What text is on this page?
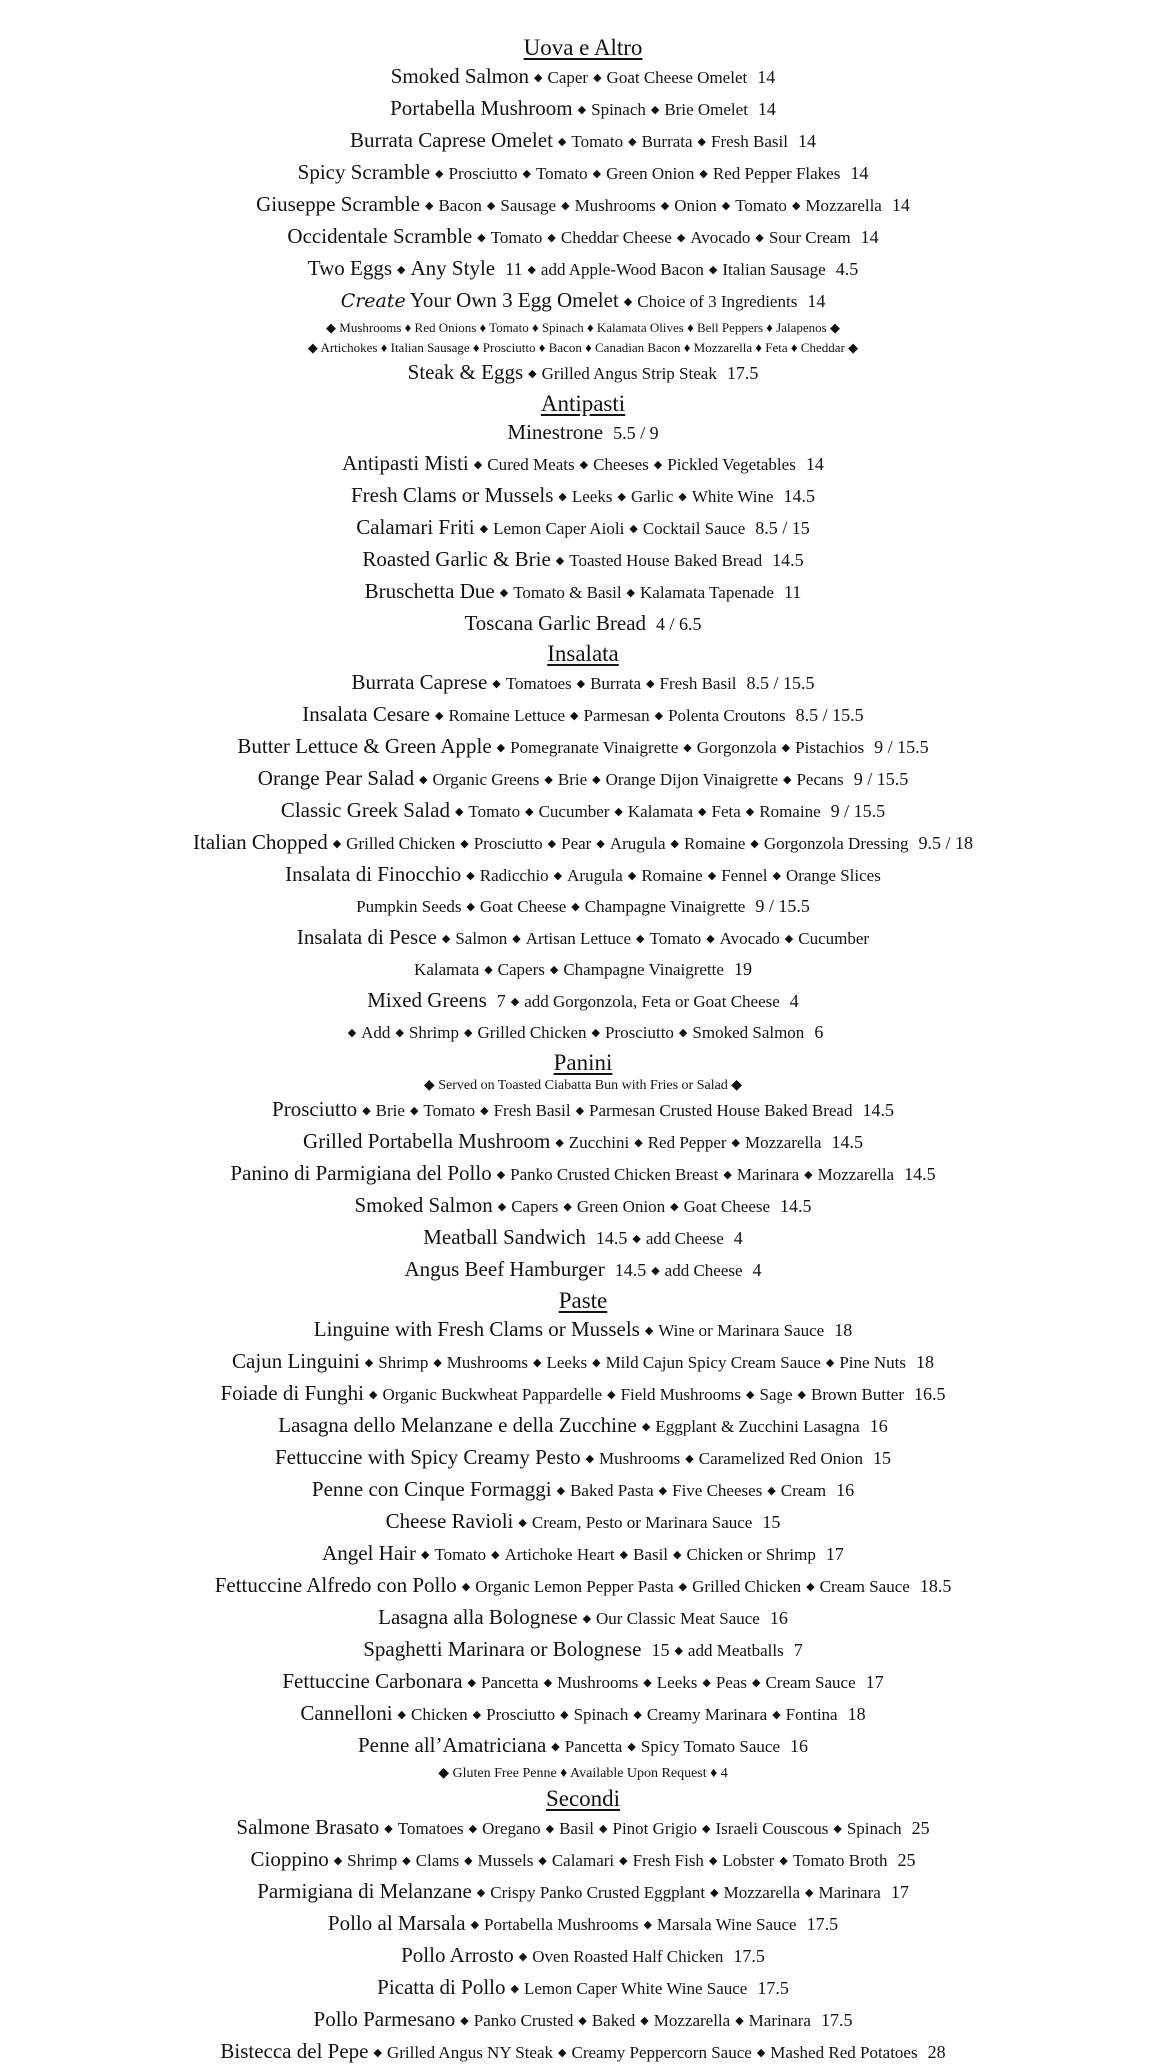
Uova e Altro
Smoked Salmon ◆ Caper ◆ Goat Cheese Omelet 14
Portabella Mushroom ◆ Spinach ◆ Brie Omelet 14
Burrata Caprese Omelet ◆ Tomato ◆ Burrata ◆ Fresh Basil 14
Spicy Scramble ◆ Prosciutto ◆ Tomato ◆ Green Onion ◆ Red Pepper Flakes 14
Giuseppe Scramble ◆ Bacon ◆ Sausage ◆ Mushrooms ◆ Onion ◆ Tomato ◆ Mozzarella 14
Occidentale Scramble ◆ Tomato ◆ Cheddar Cheese ◆ Avocado ◆ Sour Cream 14
Two Eggs ◆ Any Style 11 ◆ add Apple-Wood Bacon ◆ Italian Sausage 4.5
Create Your Own 3 Egg Omelet ◆ Choice of 3 Ingredients 14
◆ Mushrooms ♦ Red Onions ♦ Tomato ♦ Spinach ♦ Kalamata Olives ♦ Bell Peppers ♦ Jalapenos ◆
◆ Artichokes ♦ Italian Sausage ♦ Prosciutto ♦ Bacon ♦ Canadian Bacon ♦ Mozzarella ♦ Feta ♦ Cheddar ◆
Steak & Eggs ◆ Grilled Angus Strip Steak 17.5
Antipasti
Minestrone 5.5 / 9
Antipasti Misti ◆ Cured Meats ◆ Cheeses ◆ Pickled Vegetables 14
Fresh Clams or Mussels ◆ Leeks ◆ Garlic ◆ White Wine 14.5
Calamari Friti ◆ Lemon Caper Aioli ◆ Cocktail Sauce 8.5 / 15
Roasted Garlic & Brie ◆ Toasted House Baked Bread 14.5
Bruschetta Due ◆ Tomato & Basil ◆ Kalamata Tapenade 11
Toscana Garlic Bread 4 / 6.5
Insalata
Burrata Caprese ◆ Tomatoes ◆ Burrata ◆ Fresh Basil 8.5 / 15.5
Insalata Cesare ◆ Romaine Lettuce ◆ Parmesan ◆ Polenta Croutons 8.5 / 15.5
Butter Lettuce & Green Apple ◆ Pomegranate Vinaigrette ◆ Gorgonzola ◆ Pistachios 9 / 15.5
Orange Pear Salad ◆ Organic Greens ◆ Brie ◆ Orange Dijon Vinaigrette ◆ Pecans 9 / 15.5
Classic Greek Salad ◆ Tomato ◆ Cucumber ◆ Kalamata ◆ Feta ◆ Romaine 9 / 15.5
Italian Chopped ◆ Grilled Chicken ◆ Prosciutto ◆ Pear ◆ Arugula ◆ Romaine ◆ Gorgonzola Dressing 9.5 / 18
Insalata di Finocchio ◆ Radicchio ◆ Arugula ◆ Romaine ◆ Fennel ◆ Orange Slices
Pumpkin Seeds ◆ Goat Cheese ◆ Champagne Vinaigrette 9 / 15.5
Insalata di Pesce ◆ Salmon ◆ Artisan Lettuce ◆ Tomato ◆ Avocado ◆ Cucumber
Kalamata ◆ Capers ◆ Champagne Vinaigrette 19
Mixed Greens 7 ◆ add Gorgonzola, Feta or Goat Cheese 4
◆ Add ◆ Shrimp ◆ Grilled Chicken ◆ Prosciutto ◆ Smoked Salmon 6
Panini
◆ Served on Toasted Ciabatta Bun with Fries or Salad ◆
Prosciutto ◆ Brie ◆ Tomato ◆ Fresh Basil ◆ Parmesan Crusted House Baked Bread 14.5
Grilled Portabella Mushroom ◆ Zucchini ◆ Red Pepper ◆ Mozzarella 14.5
Panino di Parmigiana del Pollo ◆ Panko Crusted Chicken Breast ◆ Marinara ◆ Mozzarella 14.5
Smoked Salmon ◆ Capers ◆ Green Onion ◆ Goat Cheese 14.5
Meatball Sandwich 14.5 ◆ add Cheese 4
Angus Beef Hamburger 14.5 ◆ add Cheese 4
Paste
Linguine with Fresh Clams or Mussels ◆ Wine or Marinara Sauce 18
Cajun Linguini ◆ Shrimp ◆ Mushrooms ◆ Leeks ◆ Mild Cajun Spicy Cream Sauce ◆ Pine Nuts 18
Foiade di Funghi ◆ Organic Buckwheat Pappardelle ◆ Field Mushrooms ◆ Sage ◆ Brown Butter 16.5
Lasagna dello Melanzane e della Zucchine ◆ Eggplant & Zucchini Lasagna 16
Fettuccine with Spicy Creamy Pesto ◆ Mushrooms ◆ Caramelized Red Onion 15
Penne con Cinque Formaggi ◆ Baked Pasta ◆ Five Cheeses ◆ Cream 16
Cheese Ravioli ◆ Cream, Pesto or Marinara Sauce 15
Angel Hair ◆ Tomato ◆ Artichoke Heart ◆ Basil ◆ Chicken or Shrimp 17
Fettuccine Alfredo con Pollo ◆ Organic Lemon Pepper Pasta ◆ Grilled Chicken ◆ Cream Sauce 18.5
Lasagna alla Bolognese ◆ Our Classic Meat Sauce 16
Spaghetti Marinara or Bolognese 15 ◆ add Meatballs 7
Fettuccine Carbonara ◆ Pancetta ◆ Mushrooms ◆ Leeks ◆ Peas ◆ Cream Sauce 17
Cannelloni ◆ Chicken ◆ Prosciutto ◆ Spinach ◆ Creamy Marinara ◆ Fontina 18
Penne all’Amatriciana ◆ Pancetta ◆ Spicy Tomato Sauce 16
◆ Gluten Free Penne ♦ Available Upon Request ♦ 4
Secondi
Salmone Brasato ◆ Tomatoes ◆ Oregano ◆ Basil ◆ Pinot Grigio ◆ Israeli Couscous ◆ Spinach 25
Cioppino ◆ Shrimp ◆ Clams ◆ Mussels ◆ Calamari ◆ Fresh Fish ◆ Lobster ◆ Tomato Broth 25
Parmigiana di Melanzane ◆ Crispy Panko Crusted Eggplant ◆ Mozzarella ◆ Marinara 17
Pollo al Marsala ◆ Portabella Mushrooms ◆ Marsala Wine Sauce 17.5
Pollo Arrosto ◆ Oven Roasted Half Chicken 17.5
Picatta di Pollo ◆ Lemon Caper White Wine Sauce 17.5
Pollo Parmesano ◆ Panko Crusted ◆ Baked ◆ Mozzarella ◆ Marinara 17.5
Bistecca del Pepe ◆ Grilled Angus NY Steak ◆ Creamy Peppercorn Sauce ◆ Mashed Red Potatoes 28
